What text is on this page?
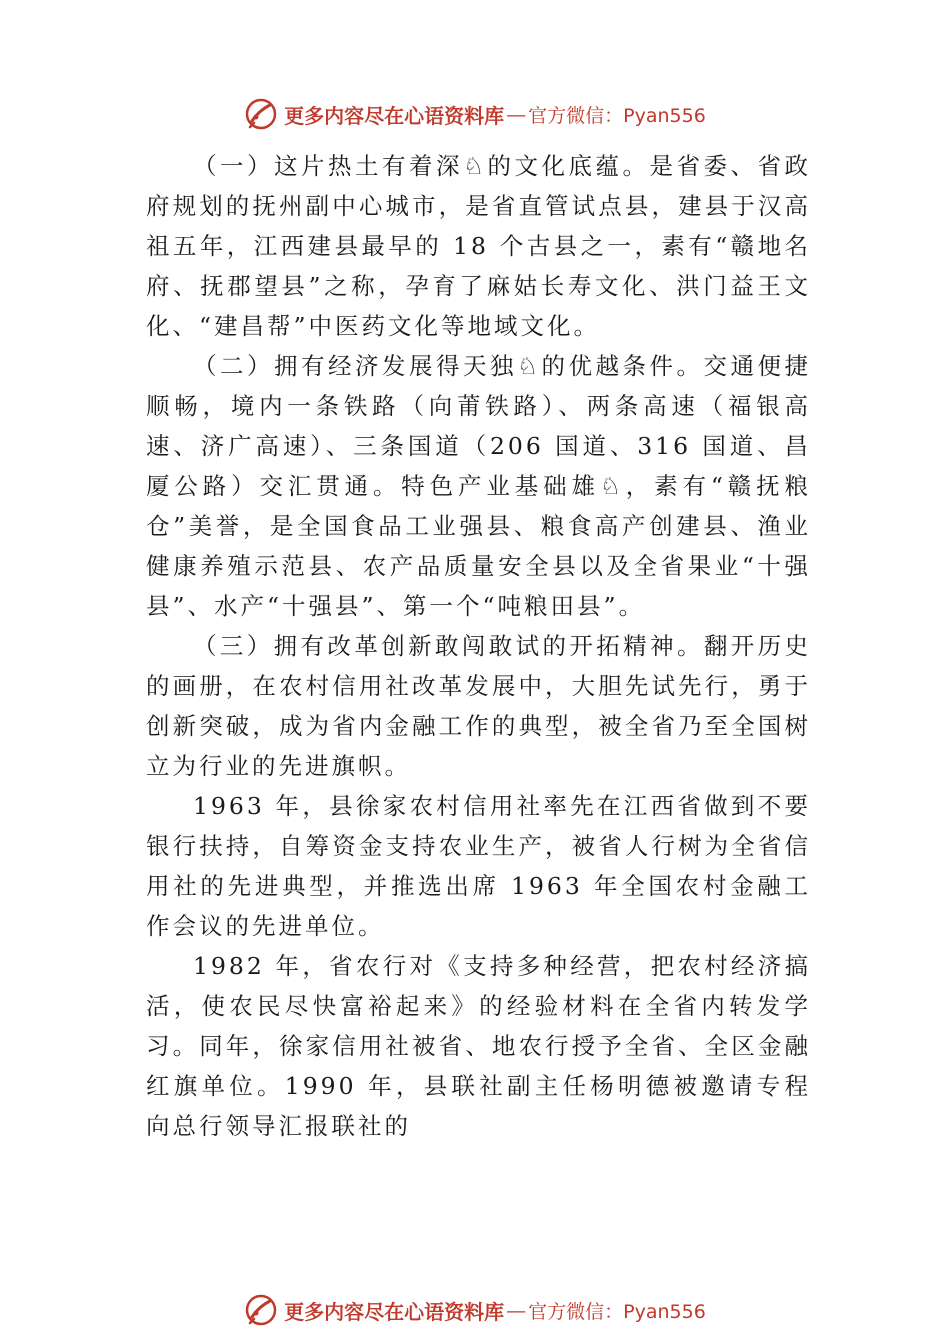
更多内容尽在心语资料库 — 官方微信：Pyan556

（一）这片热土有着深♘的文化底蕴。是省委、省政府规划的抚州副中心城市，是省直管试点县，建县于汉高祖五年，江西建县最早的 18 个古县之一，素有“赣地名府、抚郡望县”之称，孕育了麻姑长寿文化、洪门益王文化、“建昌帮”中医药文化等地域文化。

（二）拥有经济发展得天独♘的优越条件。交通便捷顺畅，境内一条铁路（向莆铁路）、两条高速（福银高速、济广高速）、三条国道（206 国道、316 国道、昌厦公路）交汇贯通。特色产业基础雄♘，素有“赣抚粮仓”美誉，是全国食品工业强县、粮食高产创建县、渔业健康养殖示范县、农产品质量安全县以及全省果业“十强县”、水产“十强县”、第一个“吨粮田县”。

（三）拥有改革创新敢闯敢试的开拓精神。翻开历史的画册，在农村信用社改革发展中，大胆先试先行，勇于创新突破，成为省内金融工作的典型，被全省乃至全国树立为行业的先进旗帜。

1963 年，县徐家农村信用社率先在江西省做到不要银行扶持，自筹资金支持农业生产，被省人行树为全省信用社的先进典型，并推选出席 1963 年全国农村金融工作会议的先进单位。

1982 年，省农行对《支持多种经营，把农村经济搞活，使农民尽快富裕起来》的经验材料在全省内转发学习。同年，徐家信用社被省、地农行授予全省、全区金融红旗单位。1990 年，县联社副主任杨明德被邀请专程向总行领导汇报联社的

更多内容尽在心语资料库 — 官方微信：Pyan556
